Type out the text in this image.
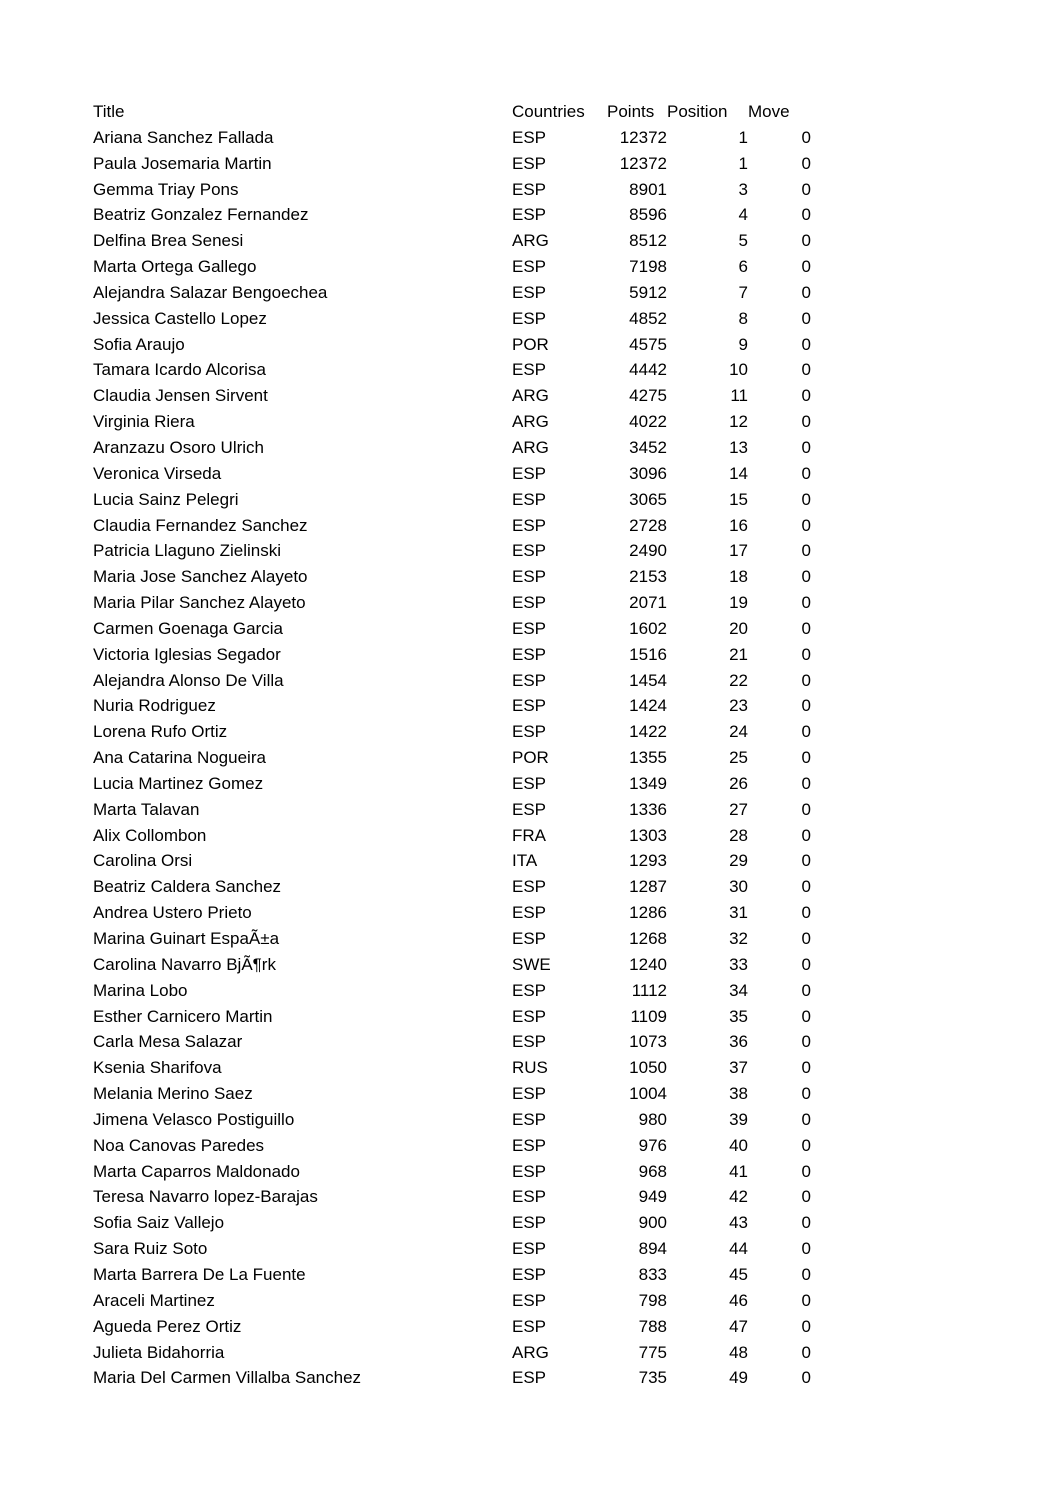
Title	Countries	Points	Position	Move
Ariana Sanchez Fallada	ESP	12372	1	0
Paula Josemaria Martin	ESP	12372	1	0
Gemma Triay Pons	ESP	8901	3	0
Beatriz Gonzalez Fernandez	ESP	8596	4	0
Delfina Brea Senesi	ARG	8512	5	0
Marta Ortega Gallego	ESP	7198	6	0
Alejandra Salazar Bengoechea	ESP	5912	7	0
Jessica Castello Lopez	ESP	4852	8	0
Sofia Araujo	POR	4575	9	0
Tamara Icardo Alcorisa	ESP	4442	10	0
Claudia Jensen Sirvent	ARG	4275	11	0
Virginia Riera	ARG	4022	12	0
Aranzazu Osoro Ulrich	ARG	3452	13	0
Veronica Virseda	ESP	3096	14	0
Lucia Sainz Pelegri	ESP	3065	15	0
Claudia Fernandez Sanchez	ESP	2728	16	0
Patricia Llaguno Zielinski	ESP	2490	17	0
Maria Jose Sanchez Alayeto	ESP	2153	18	0
Maria Pilar Sanchez Alayeto	ESP	2071	19	0
Carmen Goenaga Garcia	ESP	1602	20	0
Victoria Iglesias Segador	ESP	1516	21	0
Alejandra Alonso De Villa	ESP	1454	22	0
Nuria Rodriguez	ESP	1424	23	0
Lorena Rufo Ortiz	ESP	1422	24	0
Ana Catarina Nogueira	POR	1355	25	0
Lucia Martinez Gomez	ESP	1349	26	0
Marta Talavan	ESP	1336	27	0
Alix Collombon	FRA	1303	28	0
Carolina Orsi	ITA	1293	29	0
Beatriz Caldera Sanchez	ESP	1287	30	0
Andrea Ustero Prieto	ESP	1286	31	0
Marina Guinart EspaÃ±a	ESP	1268	32	0
Carolina Navarro BjÃ¶rk	SWE	1240	33	0
Marina Lobo	ESP	1112	34	0
Esther Carnicero Martin	ESP	1109	35	0
Carla Mesa Salazar	ESP	1073	36	0
Ksenia Sharifova	RUS	1050	37	0
Melania Merino Saez	ESP	1004	38	0
Jimena Velasco Postiguillo	ESP	980	39	0
Noa Canovas Paredes	ESP	976	40	0
Marta Caparros Maldonado	ESP	968	41	0
Teresa Navarro lopez-Barajas	ESP	949	42	0
Sofia Saiz Vallejo	ESP	900	43	0
Sara Ruiz Soto	ESP	894	44	0
Marta Barrera De La Fuente	ESP	833	45	0
Araceli Martinez	ESP	798	46	0
Agueda Perez Ortiz	ESP	788	47	0
Julieta Bidahorria	ARG	775	48	0
Maria Del Carmen Villalba Sanchez	ESP	735	49	0
